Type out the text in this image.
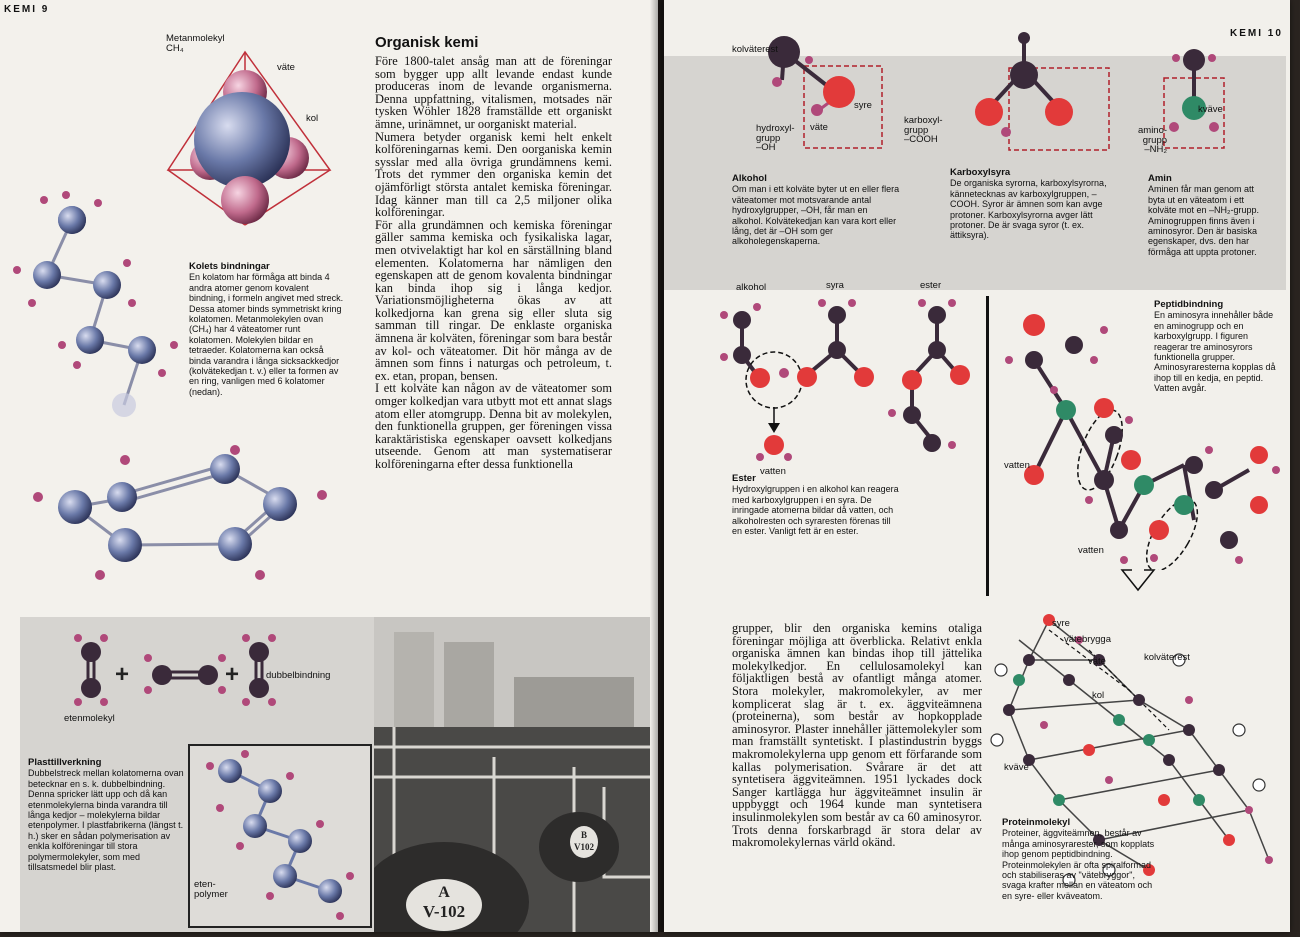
KEMI 9
Metanmolekyl
CH₄
väte
kol
Kolets bindningar
En kolatom har förmåga att binda 4 andra atomer genom kovalent bindning, i formeln angivet med streck. Dessa atomer binds symmetriskt kring kolatomen. Metanmolekylen ovan (CH₄) har 4 väteatomer runt kolatomen. Molekylen bildar en tetraeder. Kolatomerna kan också binda varandra i långa sicksackkedjor (kolvätekedjan t. v.) eller ta formen av en ring, vanligen med 6 kolatomer (nedan).
Organisk kemi
Före 1800-talet ansåg man att de föreningar som bygger upp allt levande endast kunde produceras inom de levande organismerna. Denna uppfattning, vitalismen, motsades när tysken Wöhler 1828 framställde ett organiskt ämne, urinämnet, ur oorganiskt material.
Numera betyder organisk kemi helt enkelt kolföreningarnas kemi. Den oorganiska kemin sysslar med alla övriga grundämnens kemi. Trots det rymmer den organiska kemin det ojämförligt största antalet kemiska föreningar. Idag känner man till ca 2,5 miljoner olika kolföreningar.
För alla grundämnen och kemiska föreningar gäller samma kemiska och fysikaliska lagar, men otvivelaktigt har kol en särställning bland elementen. Kolatomerna har nämligen den egenskapen att de genom kovalenta bindningar kan binda ihop sig i långa kedjor. Variationsmöjligheterna ökas av att kolkedjorna kan grena sig eller sluta sig samman till ringar. De enklaste organiska ämnena är kolväten, föreningar som bara består av kol- och väteatomer. Dit hör många av de ämnen som finns i naturgas och petroleum, t. ex. etan, propan, bensen.
I ett kolväte kan någon av de väteatomer som omger kolkedjan vara utbytt mot ett annat slags atom eller atomgrupp. Denna bit av molekylen, den funktionella gruppen, ger föreningen vissa karaktäristiska egenskaper oavsett kolkedjans utseende. Genom att man systematiserar kolföreningarna efter dessa funktionella
+	+	dubbelbindning
etenmolekyl
Plasttillverkning
Dubbelstreck mellan kolatomerna ovan betecknar en s. k. dubbelbindning. Denna spricker lätt upp och då kan etenmolekylerna binda varandra till långa kedjor – molekylerna bildar etenpolymer. I plastfabrikerna (längst t. h.) sker en sådan polymerisation av enkla kolföreningar till stora polymermolekyler, som med tillsatsmedel blir plast.
eten-
polymer	A
V-102
B
V102
KEMI 10
kolväterest
syre
väte
hydroxyl-
grupp
–OH
karboxyl-
grupp
–COOH
amino-
grupp
–NH₂
kväve
Alkohol
Om man i ett kolväte byter ut en eller flera väteatomer mot motsvarande antal hydroxylgrupper, –OH, får man en alkohol. Kolvätekedjan kan vara kort eller lång, det är –OH som ger alkoholegenskaperna.
Karboxylsyra
De organiska syrorna, karboxylsyrorna, kännetecknas av karboxylgruppen, –COOH. Syror är ämnen som kan avge protoner. Karboxylsyrorna avger lätt protoner. De är svaga syror (t. ex. ättiksyra).
Amin
Aminen får man genom att byta ut en väteatom i ett kolväte mot en –NH₂-grupp. Aminogruppen finns även i aminosyror. Den är basiska egenskaper, dvs. den har förmåga att uppta protoner.
alkohol	syra	ester
vatten
Ester
Hydroxylgruppen i en alkohol kan reagera med karboxylgruppen i en syra. De inringade atomerna bildar då vatten, och alkoholresten och syraresten förenas till en ester. Vanligt fett är en ester.
vatten
vatten
Peptidbindning
En aminosyra innehåller både en aminogrupp och en karboxylgrupp. I figuren reagerar tre aminosyrors funktionella grupper. Aminosyraresterna kopplas då ihop till en kedja, en peptid. Vatten avgår.
grupper, blir den organiska kemins otaliga föreningar möjliga att överblicka. Relativt enkla organiska ämnen kan bindas ihop till jättelika molekylkedjor. En cellulosamolekyl kan följaktligen bestå av ofantligt många atomer. Stora molekyler, makromolekyler, av mer komplicerat slag är t. ex. äggviteämnena (proteinerna), som består av hopkopplade aminosyror. Plaster innehåller jättemolekyler som man framställt syntetiskt. I plastindustrin byggs makromolekylerna upp genom ett förfarande som kallas polymerisation. Svårare är det att syntetisera äggviteämnen. 1951 lyckades dock Sanger kartlägga hur äggviteämnet insulin är uppbyggt och 1964 kunde man syntetisera insulinmolekylen som består av ca 60 aminosyror. Trots denna forskarbragd är stora delar av makromolekylernas värld okänd.
syre
vätebrygga
väte	kolväterest
kol
kväve
Proteinmolekyl
Proteiner, äggviteämnen, består av många aminosyrarester, som kopplats ihop genom peptidbindning. Proteinmolekylen är ofta spiralformad och stabiliseras av "vätebryggor", svaga krafter mellan en väteatom och en syre- eller kväveatom.
